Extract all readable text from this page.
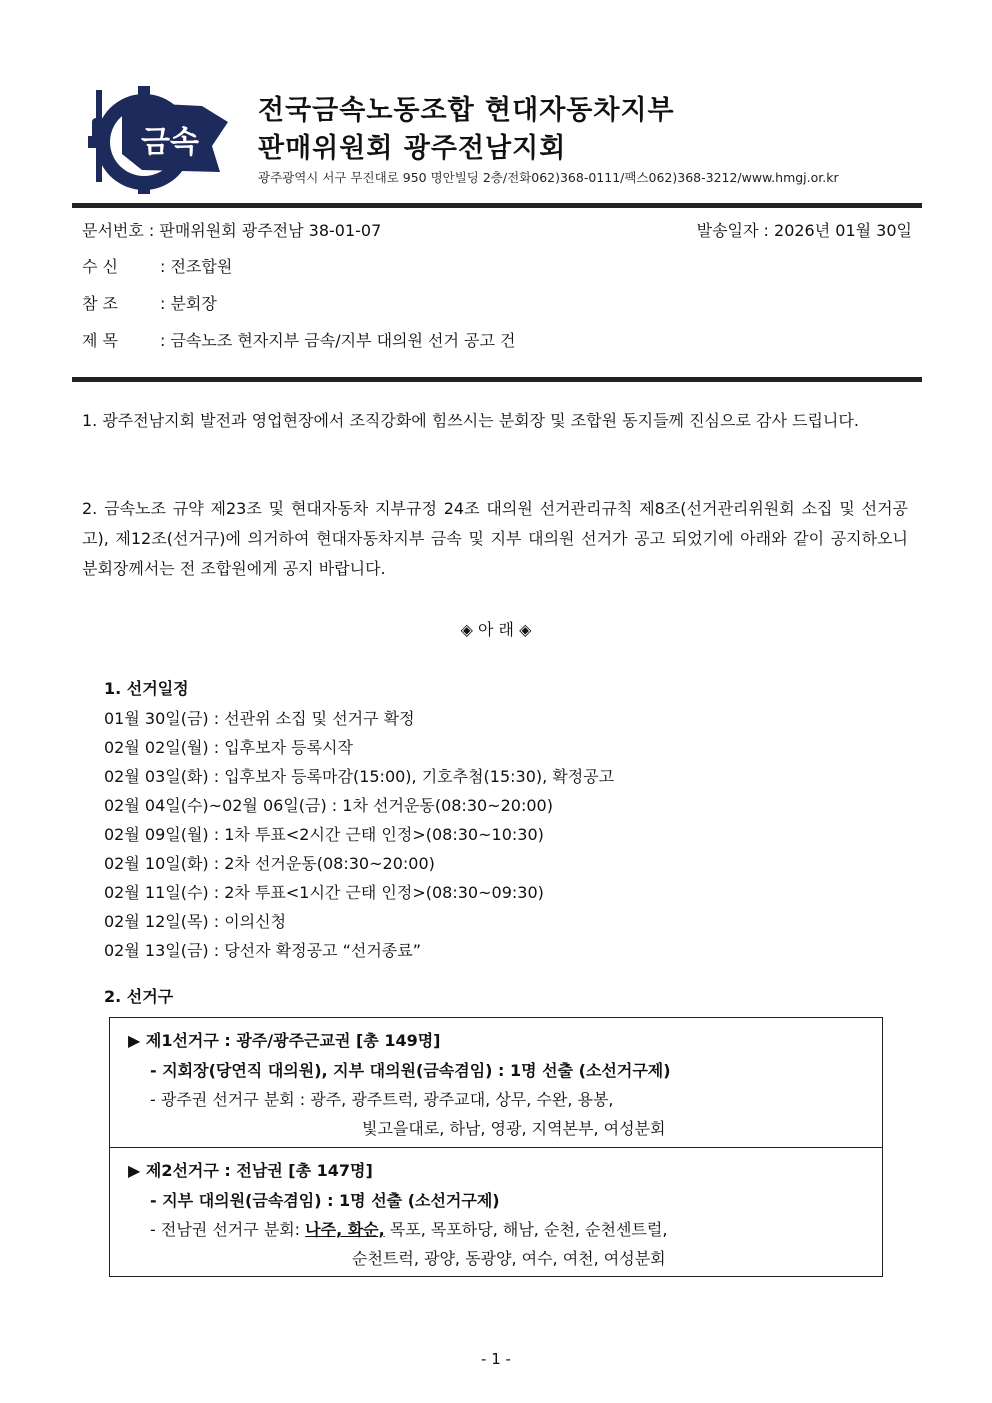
금속
전국금속노동조합 현대자동차지부
판매위원회 광주전남지회
광주광역시 서구 무진대로 950 명안빌딩 2층/전화062)368-0111/팩스062)368-3212/www.hmgj.or.kr
문서번호 : 판매위원회 광주전남 38-01-07	발송일자 : 2026년 01월 30일
수 신	: 전조합원
참 조	: 분회장
제 목	: 금속노조 현자지부 금속/지부 대의원 선거 공고 건
1. 광주전남지회 발전과 영업현장에서 조직강화에 힘쓰시는 분회장 및 조합원 동지들께 진심으로 감사 드립니다.
2. 금속노조 규약 제23조 및 현대자동차 지부규정 24조 대의원 선거관리규칙 제8조(선거관리위원회 소집 및 선거공고), 제12조(선거구)에 의거하여 현대자동차지부 금속 및 지부 대의원 선거가 공고 되었기에 아래와 같이 공지하오니 분회장께서는 전 조합원에게 공지 바랍니다.
◈ 아 래 ◈
1. 선거일정
01월 30일(금) : 선관위 소집 및 선거구 확정
02월 02일(월) : 입후보자 등록시작
02월 03일(화) : 입후보자 등록마감(15:00), 기호추첨(15:30), 확정공고
02월 04일(수)~02월 06일(금) : 1차 선거운동(08:30~20:00)
02월 09일(월) : 1차 투표<2시간 근태 인정>(08:30~10:30)
02월 10일(화) : 2차 선거운동(08:30~20:00)
02월 11일(수) : 2차 투표<1시간 근태 인정>(08:30~09:30)
02월 12일(목) : 이의신청
02월 13일(금) : 당선자 확정공고 “선거종료”
2. 선거구
▶ 제1선거구 : 광주/광주근교권 [총 149명]
- 지회장(당연직 대의원), 지부 대의원(금속겸임) : 1명 선출 (소선거구제)
- 광주권 선거구 분회 : 광주, 광주트럭, 광주교대, 상무, 수완, 용봉,
빛고을대로, 하남, 영광, 지역본부, 여성분회
▶ 제2선거구 : 전남권 [총 147명]
- 지부 대의원(금속겸임) : 1명 선출 (소선거구제)
- 전남권 선거구 분회: 나주, 화순, 목포, 목포하당, 해남, 순천, 순천센트럴,
순천트럭, 광양, 동광양, 여수, 여천, 여성분회
- 1 -
